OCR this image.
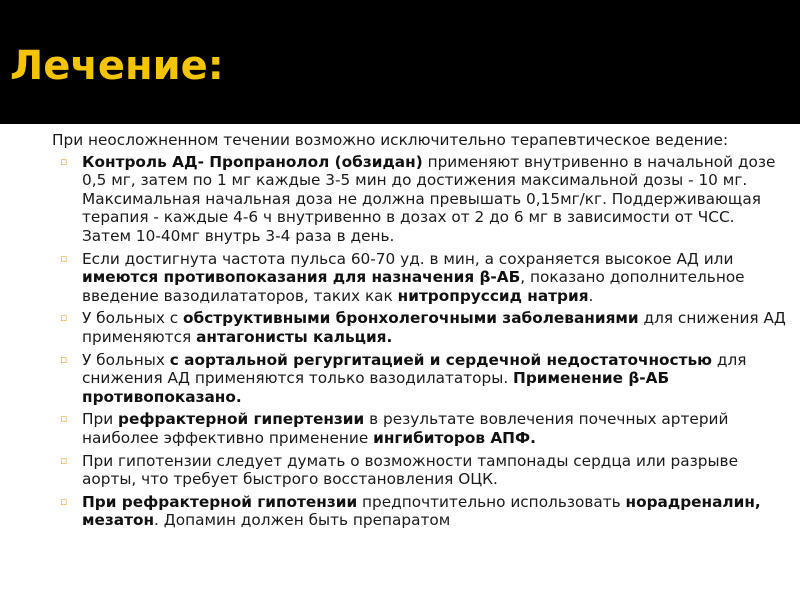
Лечение:

При неосложненном течении возможно исключительно терапевтическое ведение:

▫ Контроль АД- Пропранолол (обзидан) применяют внутривенно в начальной дозе 0,5 мг, затем по 1 мг каждые 3-5 мин до достижения максимальной дозы - 10 мг. Максимальная начальная доза не должна превышать 0,15мг/кг. Поддерживающая терапия - каждые 4-6 ч внутривенно в дозах от 2 до 6 мг в зависимости от ЧСС. Затем 10-40мг внутрь 3-4 раза в день.
▫ Если достигнута частота пульса 60-70 уд. в мин, а сохраняется высокое АД или имеются противопоказания для назначения β-АБ, показано дополнительное введение вазодилататоров, таких как нитропруссид натрия.
▫ У больных с обструктивными бронхолегочными заболеваниями для снижения АД применяются антагонисты кальция.
▫ У больных с аортальной регургитацией и сердечной недостаточностью для снижения АД применяются только вазодилататоры. Применение β-АБ противопоказано.
▫ При рефрактерной гипертензии в результате вовлечения почечных артерий наиболее эффективно применение ингибиторов АПФ.
▫ При гипотензии следует думать о возможности тампонады сердца или разрыве аорты, что требует быстрого восстановления ОЦК.
▫ При рефрактерной гипотензии предпочтительно использовать норадреналин, мезатон. Допамин должен быть препаратом
